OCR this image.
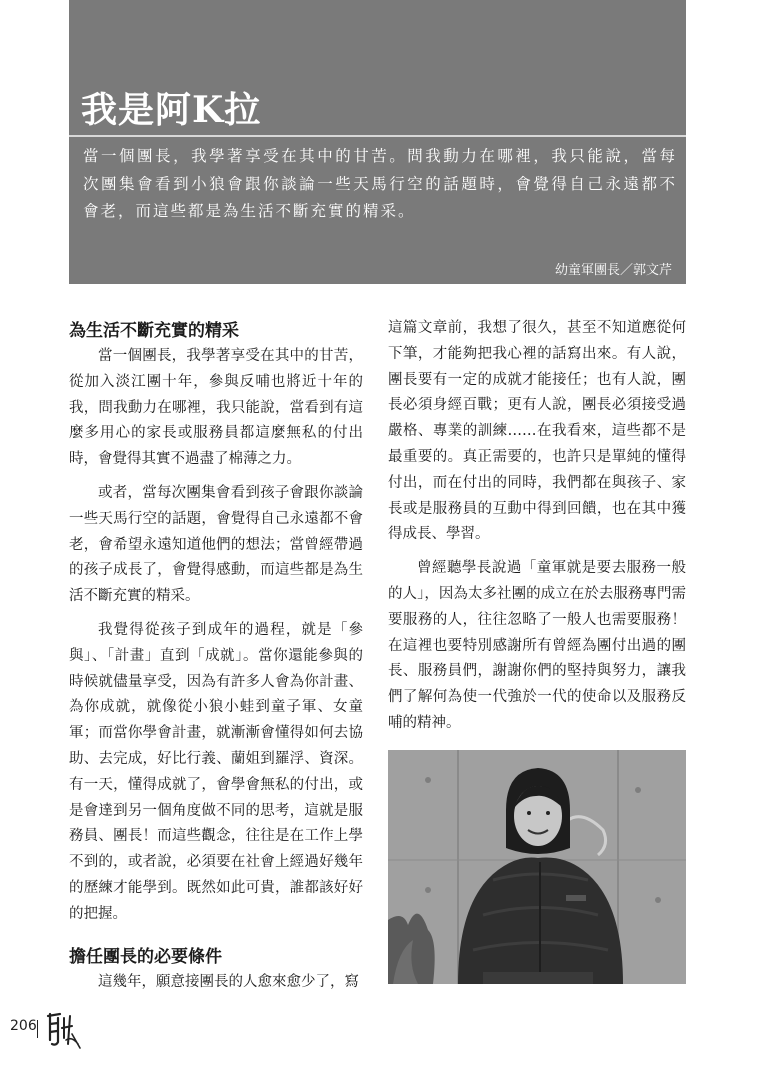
我是阿K拉

當一個團長，我學著享受在其中的甘苦。問我動力在哪裡，我只能說，當每次團集會看到小狼會跟你談論一些天馬行空的話題時，會覺得自己永遠都不會老，而這些都是為生活不斷充實的精采。

幼童軍團長／郭文芹
為生活不斷充實的精采

當一個團長，我學著享受在其中的甘苦，從加入淡江團十年，參與反哺也將近十年的我，問我動力在哪裡，我只能說，當看到有這麼多用心的家長或服務員都這麼無私的付出時，會覺得其實不過盡了棉薄之力。

或者，當每次團集會看到孩子會跟你談論一些天馬行空的話題，會覺得自己永遠都不會老，會希望永遠知道他們的想法；當曾經帶過的孩子成長了，會覺得感動，而這些都是為生活不斷充實的精采。

我覺得從孩子到成年的過程，就是「參與」、「計畫」直到「成就」。當你還能參與的時候就儘量享受，因為有許多人會為你計畫、為你成就，就像從小狼小蛙到童子軍、女童軍；而當你學會計畫，就漸漸會懂得如何去協助、去完成，好比行義、蘭姐到羅浮、資深。有一天，懂得成就了，會學會無私的付出，或是會達到另一個角度做不同的思考，這就是服務員、團長！而這些觀念，往往是在工作上學不到的，或者說，必須要在社會上經過好幾年的歷練才能學到。既然如此可貴，誰都該好好的把握。

擔任團長的必要條件

這幾年，願意接團長的人愈來愈少了，寫

這篇文章前，我想了很久，甚至不知道應從何下筆，才能夠把我心裡的話寫出來。有人說，團長要有一定的成就才能接任；也有人說，團長必須身經百戰；更有人說，團長必須接受過嚴格、專業的訓練……在我看來，這些都不是最重要的。真正需要的，也許只是單純的懂得付出，而在付出的同時，我們都在與孩子、家長或是服務員的互動中得到回饋，也在其中獲得成長、學習。

曾經聽學長說過「童軍就是要去服務一般的人」，因為太多社團的成立在於去服務專門需要服務的人，往往忽略了一般人也需要服務！在這裡也要特別感謝所有曾經為團付出過的團長、服務員們，謝謝你們的堅持與努力，讓我們了解何為使一代強於一代的使命以及服務反哺的精神。

206
